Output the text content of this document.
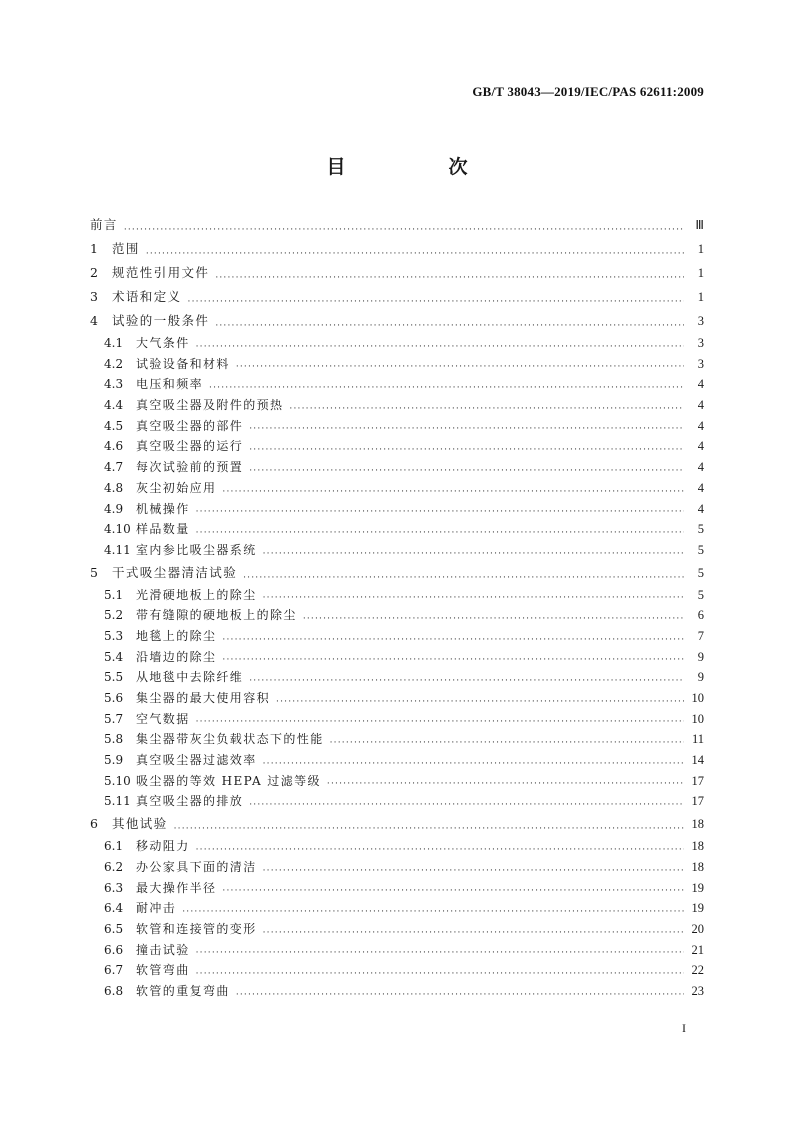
GB/T 38043—2019/IEC/PAS 62611:2009
目　次
前言 ·····	Ⅲ
1	范围 ·····	1
2	规范性引用文件 ·····	1
3	术语和定义 ·····	1
4	试验的一般条件 ·····	3
4.1	大气条件 ·····	3
4.2	试验设备和材料 ·····	3
4.3	电压和频率 ·····	4
4.4	真空吸尘器及附件的预热 ·····	4
4.5	真空吸尘器的部件 ·····	4
4.6	真空吸尘器的运行 ·····	4
4.7	每次试验前的预置 ·····	4
4.8	灰尘初始应用 ·····	4
4.9	机械操作 ·····	4
4.10 样品数量 ·····	5
4.11 室内参比吸尘器系统 ·····	5
5	干式吸尘器清洁试验 ·····	5
5.1	光滑硬地板上的除尘 ·····	5
5.2	带有缝隙的硬地板上的除尘 ·····	6
5.3	地毯上的除尘 ·····	7
5.4	沿墙边的除尘 ·····	9
5.5	从地毯中去除纤维 ·····	9
5.6	集尘器的最大使用容积 ·····	10
5.7	空气数据 ·····	10
5.8	集尘器带灰尘负载状态下的性能 ·····	11
5.9	真空吸尘器过滤效率 ·····	14
5.10 吸尘器的等效 HEPA 过滤等级 ·····	17
5.11 真空吸尘器的排放 ·····	17
6	其他试验 ·····	18
6.1	移动阻力 ·····	18
6.2	办公家具下面的清洁 ·····	18
6.3	最大操作半径 ·····	19
6.4	耐冲击 ·····	19
6.5	软管和连接管的变形 ·····	20
6.6	撞击试验 ·····	21
6.7	软管弯曲 ·····	22
6.8	软管的重复弯曲 ·····	23
I
